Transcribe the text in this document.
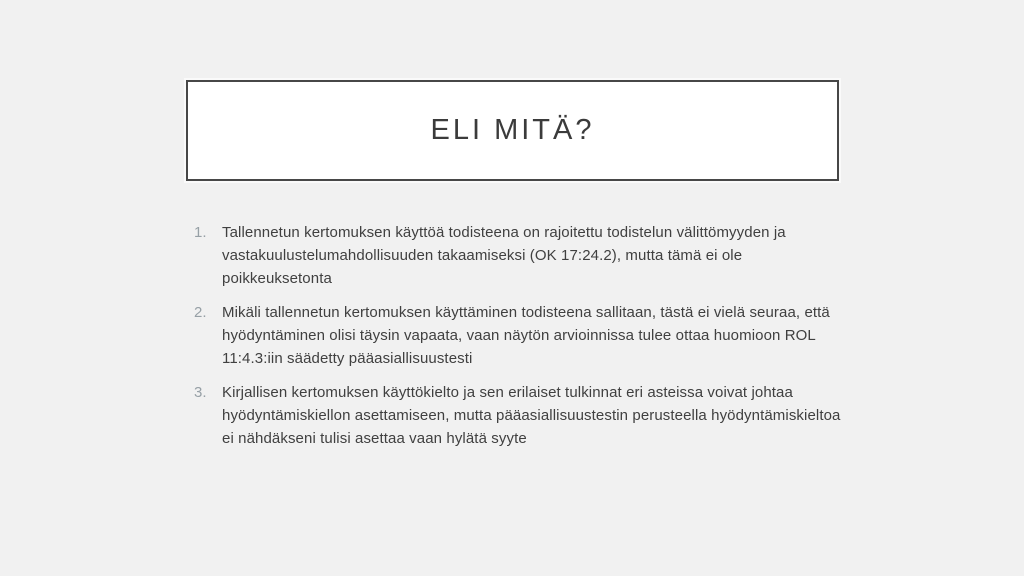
ELI MITÄ?
1.	Tallennetun kertomuksen käyttöä todisteena on rajoitettu todistelun välittömyyden ja vastakuulustelumahdollisuuden takaamiseksi (OK 17:24.2), mutta tämä ei ole poikkeuksetonta
2.	Mikäli tallennetun kertomuksen käyttäminen todisteena sallitaan, tästä ei vielä seuraa, että hyödyntäminen olisi täysin vapaata, vaan näytön arvioinnissa tulee ottaa huomioon ROL 11:4.3:iin säädetty pääasiallisuustesti
3.	Kirjallisen kertomuksen käyttökielto ja sen erilaiset tulkinnat eri asteissa voivat johtaa hyödyntämiskiellon asettamiseen, mutta pääasiallisuustestin perusteella hyödyntämiskieltoa ei nähdäkseni tulisi asettaa vaan hylätä syyte
